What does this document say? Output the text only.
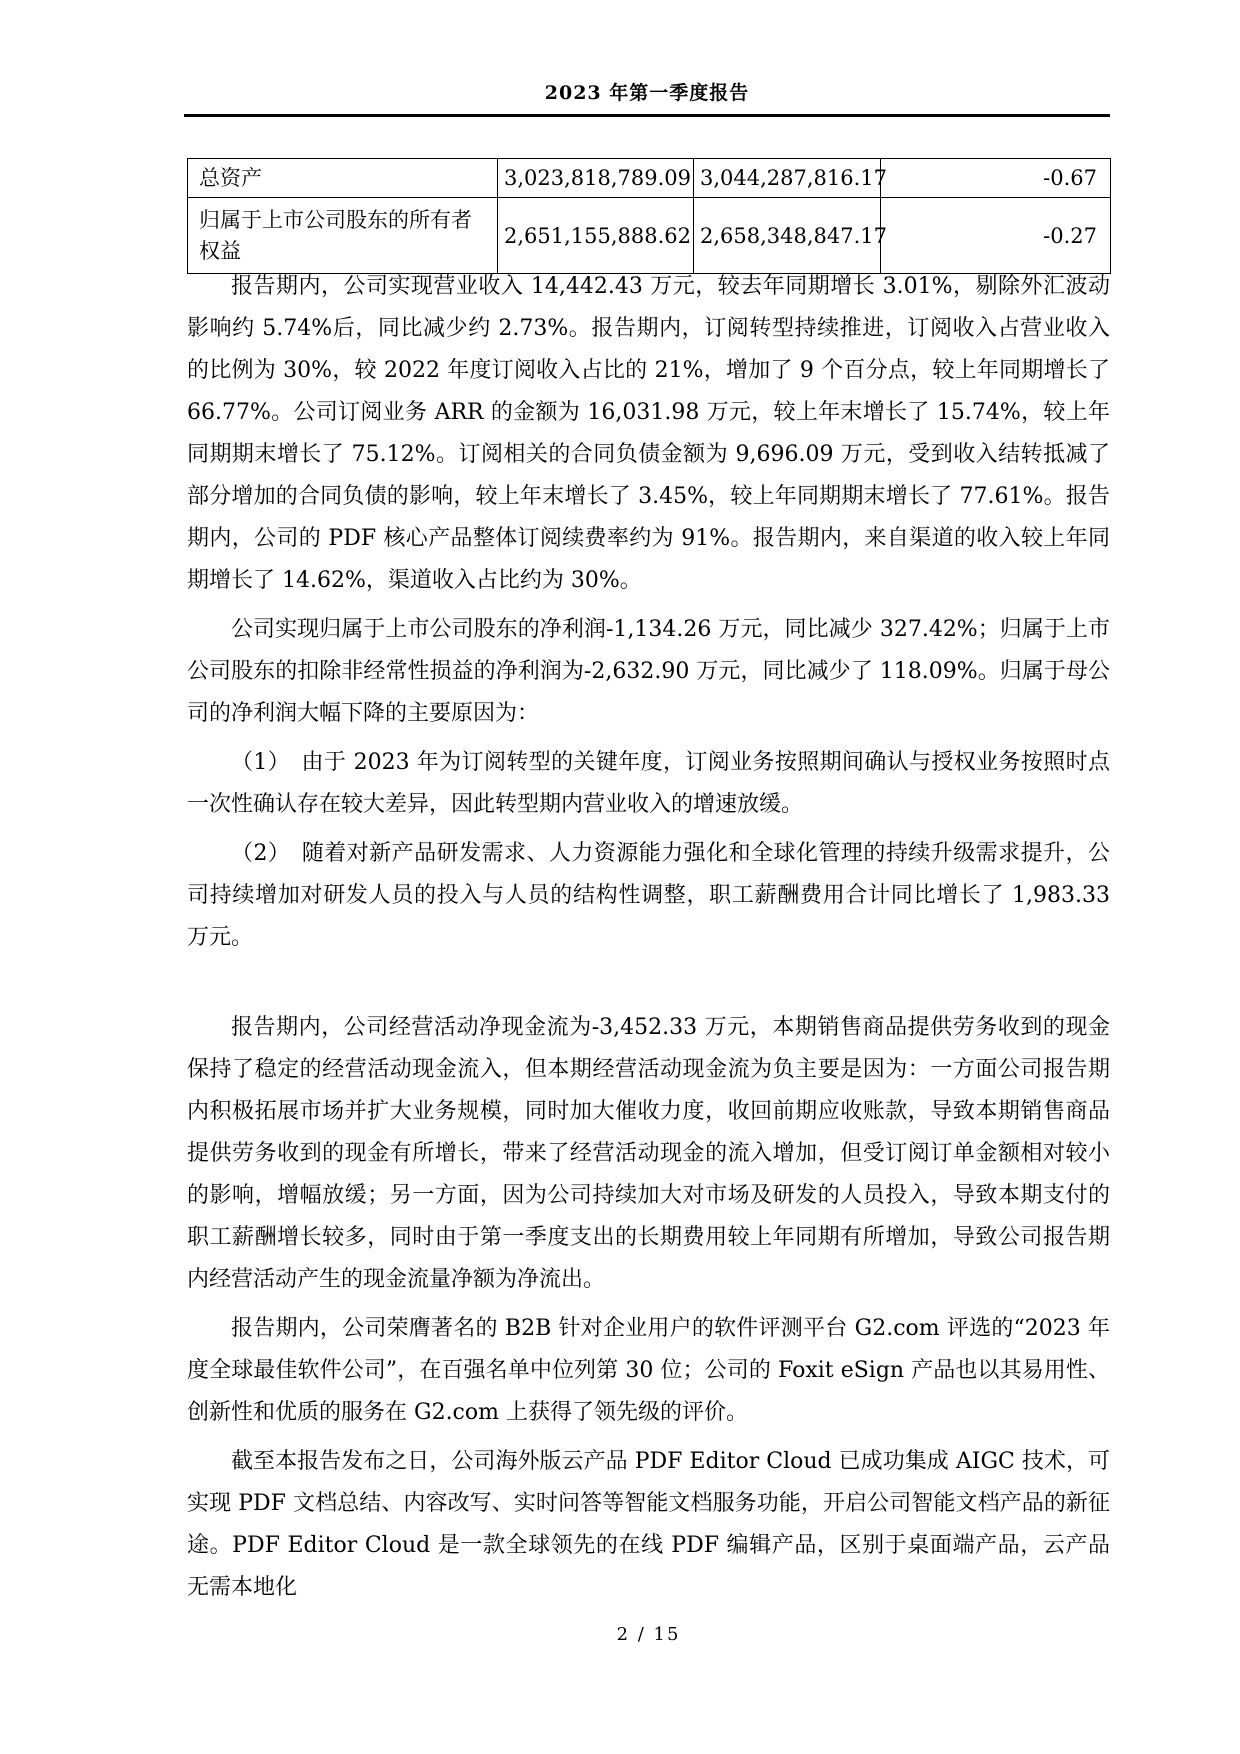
2023 年第一季度报告
总资产	3,023,818,789.09	3,044,287,816.17	-0.67
归属于上市公司股东的所有者权益	2,651,155,888.62	2,658,348,847.17	-0.27

报告期内，公司实现营业收入 14,442.43 万元，较去年同期增长 3.01%，剔除外汇波动影响约 5.74%后，同比减少约 2.73%。报告期内，订阅转型持续推进，订阅收入占营业收入的比例为 30%，较 2022 年度订阅收入占比的 21%，增加了 9 个百分点，较上年同期增长了 66.77%。公司订阅业务 ARR 的金额为 16,031.98 万元，较上年末增长了 15.74%，较上年同期期末增长了 75.12%。订阅相关的合同负债金额为 9,696.09 万元，受到收入结转抵减了部分增加的合同负债的影响，较上年末增长了 3.45%，较上年同期期末增长了 77.61%。报告期内，公司的 PDF 核心产品整体订阅续费率约为 91%。报告期内，来自渠道的收入较上年同期增长了 14.62%，渠道收入占比约为 30%。

公司实现归属于上市公司股东的净利润-1,134.26 万元，同比减少 327.42%；归属于上市公司股东的扣除非经常性损益的净利润为-2,632.90 万元，同比减少了 118.09%。归属于母公司的净利润大幅下降的主要原因为：

（1）　由于 2023 年为订阅转型的关键年度，订阅业务按照期间确认与授权业务按照时点一次性确认存在较大差异，因此转型期内营业收入的增速放缓。

（2）　随着对新产品研发需求、人力资源能力强化和全球化管理的持续升级需求提升，公司持续增加对研发人员的投入与人员的结构性调整，职工薪酬费用合计同比增长了 1,983.33 万元。

报告期内，公司经营活动净现金流为-3,452.33 万元，本期销售商品提供劳务收到的现金保持了稳定的经营活动现金流入，但本期经营活动现金流为负主要是因为：一方面公司报告期内积极拓展市场并扩大业务规模，同时加大催收力度，收回前期应收账款，导致本期销售商品提供劳务收到的现金有所增长，带来了经营活动现金的流入增加，但受订阅订单金额相对较小的影响，增幅放缓；另一方面，因为公司持续加大对市场及研发的人员投入，导致本期支付的职工薪酬增长较多，同时由于第一季度支出的长期费用较上年同期有所增加，导致公司报告期内经营活动产生的现金流量净额为净流出。

报告期内，公司荣膺著名的 B2B 针对企业用户的软件评测平台 G2.com 评选的“2023 年度全球最佳软件公司”，在百强名单中位列第 30 位；公司的 Foxit eSign 产品也以其易用性、创新性和优质的服务在 G2.com 上获得了领先级的评价。

截至本报告发布之日，公司海外版云产品 PDF Editor Cloud 已成功集成 AIGC 技术，可实现 PDF 文档总结、内容改写、实时问答等智能文档服务功能，开启公司智能文档产品的新征途。PDF Editor Cloud 是一款全球领先的在线 PDF 编辑产品，区别于桌面端产品，云产品无需本地化

2 / 15
